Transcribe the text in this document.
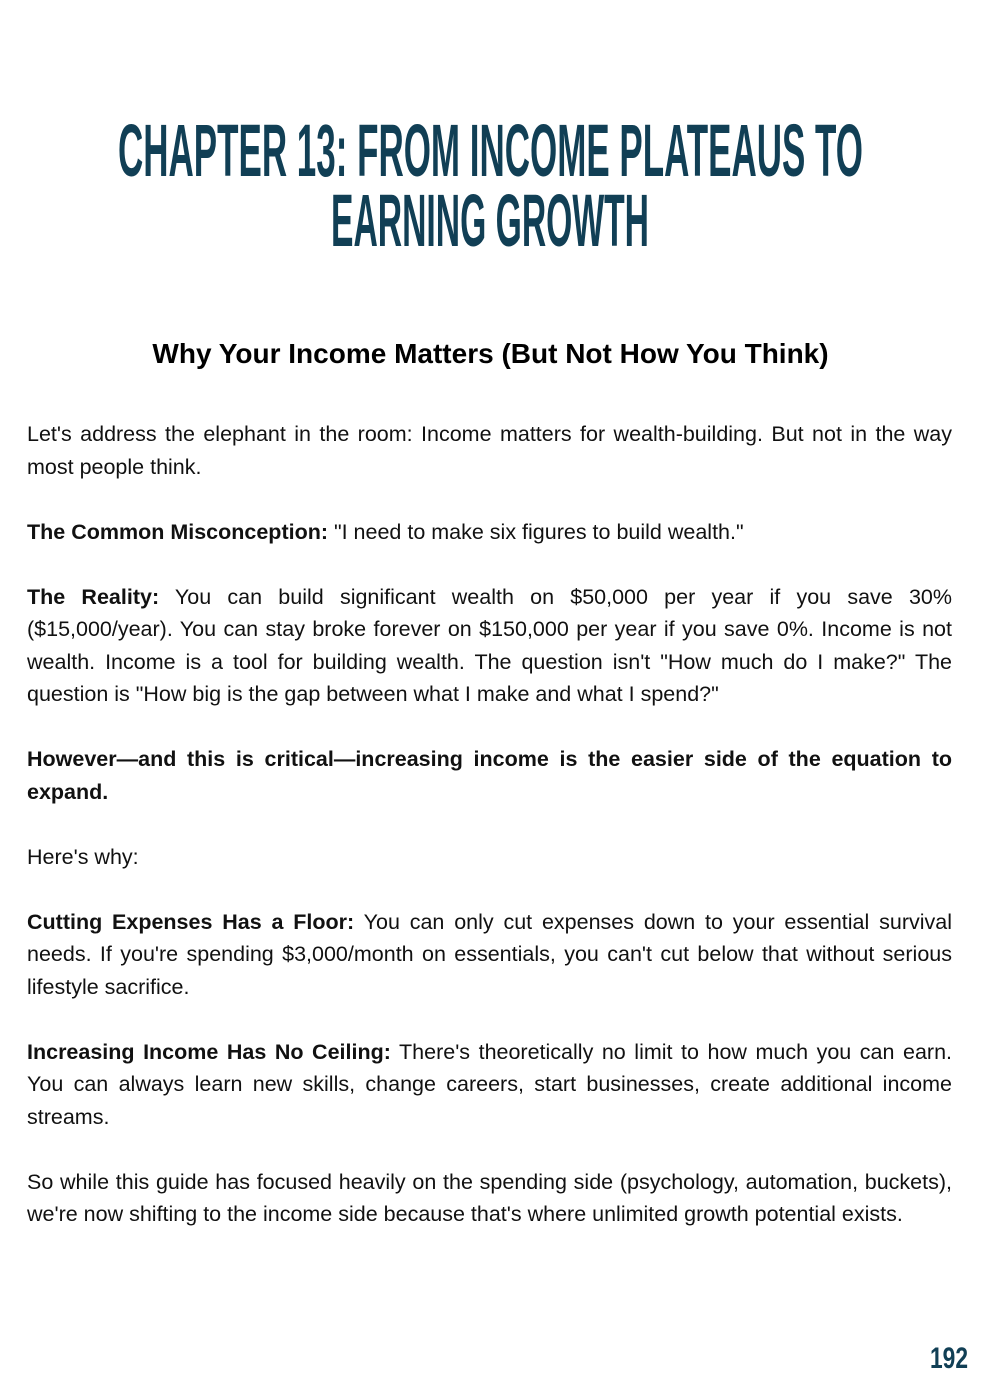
CHAPTER 13: FROM INCOME PLATEAUS TO
EARNING GROWTH
Why Your Income Matters (But Not How You Think)

Let's address the elephant in the room: Income matters for wealth-building. But not in the way most people think.

The Common Misconception: "I need to make six figures to build wealth."

The Reality: You can build significant wealth on $50,000 per year if you save 30% ($15,000/year). You can stay broke forever on $150,000 per year if you save 0%. Income is not wealth. Income is a tool for building wealth. The question isn't "How much do I make?" The question is "How big is the gap between what I make and what I spend?"

However—and this is critical—increasing income is the easier side of the equation to expand.

Here's why:

Cutting Expenses Has a Floor: You can only cut expenses down to your essential survival needs. If you're spending $3,000/month on essentials, you can't cut below that without serious lifestyle sacrifice.

Increasing Income Has No Ceiling: There's theoretically no limit to how much you can earn. You can always learn new skills, change careers, start businesses, create additional income streams.

So while this guide has focused heavily on the spending side (psychology, automation, buckets), we're now shifting to the income side because that's where unlimited growth potential exists.

192
